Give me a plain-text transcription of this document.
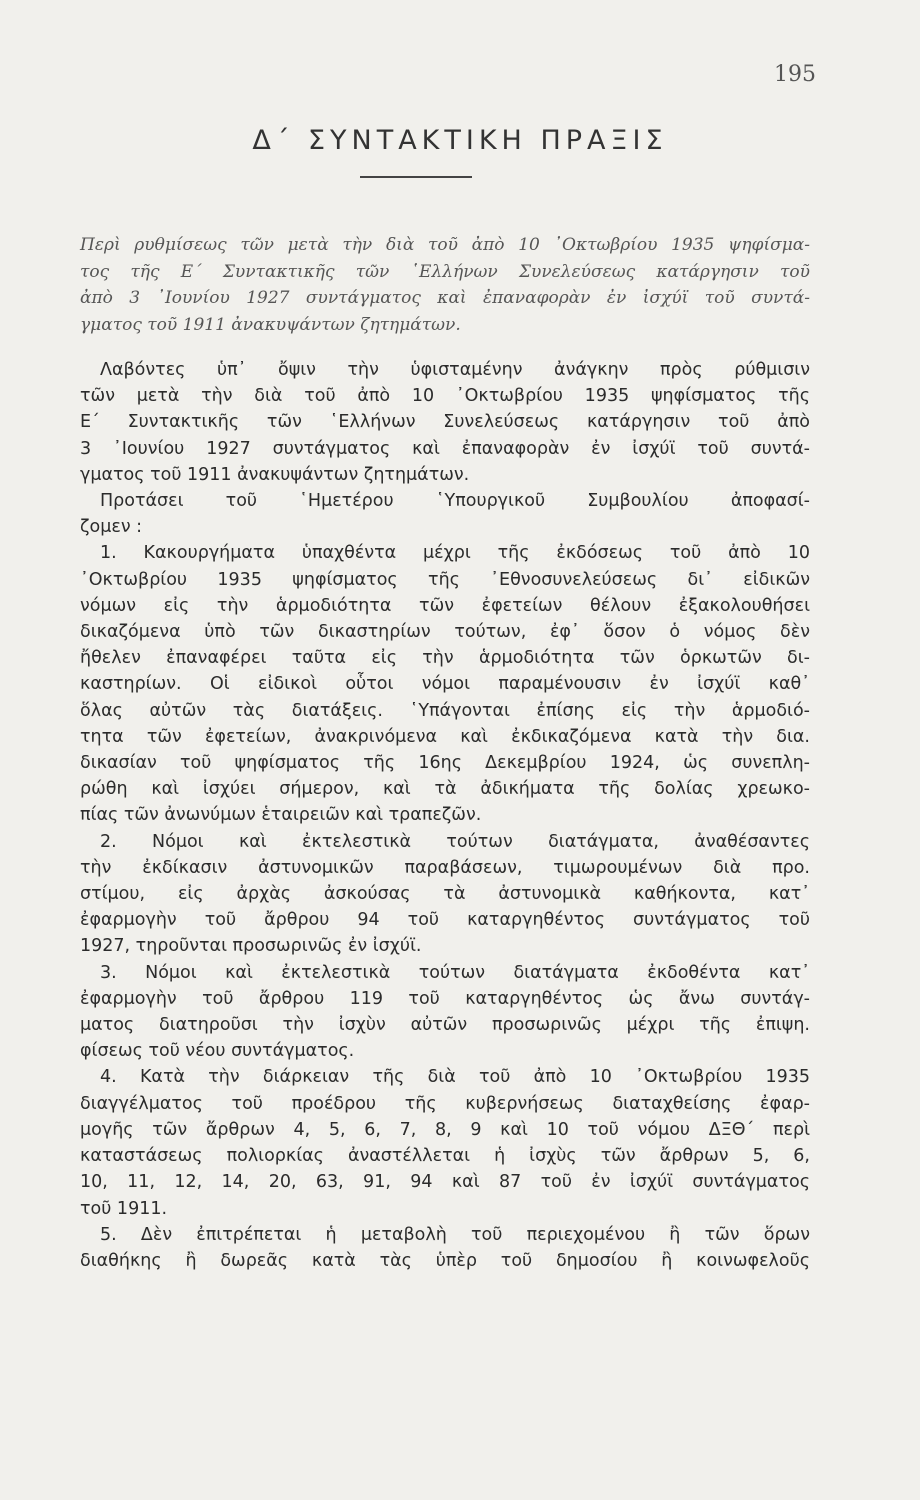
195
Δ΄ ΣΥΝΤΑΚΤΙΚΗ ΠΡΑΞΙΣ
Περὶ ρυθμίσεως τῶν μετὰ τὴν διὰ τοῦ ἀπὸ 10 ᾽Οκτωβρίου 1935 ψηφίσμα-
τος τῆς Ε΄ Συντακτικῆς τῶν ῾Ελλήνων Συνελεύσεως κατάργησιν τοῦ
ἀπὸ 3 ᾽Ιουνίου 1927 συντάγματος καὶ ἐπαναφορὰν ἐν ἰσχύϊ τοῦ συντά-
γματος τοῦ 1911 ἀνακυψάντων ζητημάτων.
Λαβόντες ὑπ᾽ ὄψιν τὴν ὑφισταμένην ἀνάγκην πρὸς ρύθμισιν
τῶν μετὰ τὴν διὰ τοῦ ἀπὸ 10 ᾽Οκτωβρίου 1935 ψηφίσματος τῆς
Ε΄ Συντακτικῆς τῶν ῾Ελλήνων Συνελεύσεως κατάργησιν τοῦ ἀπὸ
3 ᾽Ιουνίου 1927 συντάγματος καὶ ἐπαναφορὰν ἐν ἰσχύϊ τοῦ συντά-
γματος τοῦ 1911 ἀνακυψάντων ζητημάτων.
Προτάσει τοῦ ῾Ημετέρου ῾Υπουργικοῦ Συμβουλίου ἀποφασί-
ζομεν :
1. Κακουργήματα ὑπαχθέντα μέχρι τῆς ἐκδόσεως τοῦ ἀπὸ 10
᾽Οκτωβρίου 1935 ψηφίσματος τῆς ᾽Εθνοσυνελεύσεως δι᾽ εἰδικῶν
νόμων εἰς τὴν ἁρμοδιότητα τῶν ἐφετείων θέλουν ἐξακολουθήσει
δικαζόμενα ὑπὸ τῶν δικαστηρίων τούτων, ἐφ᾽ ὅσον ὁ νόμος δὲν
ἤθελεν ἐπαναφέρει ταῦτα εἰς τὴν ἁρμοδιότητα τῶν ὁρκωτῶν δι-
καστηρίων. Οἱ εἰδικοὶ οὗτοι νόμοι παραμένουσιν ἐν ἰσχύϊ καθ᾽
ὅλας αὐτῶν τὰς διατάξεις. ῾Υπάγονται ἐπίσης εἰς τὴν ἁρμοδιό-
τητα τῶν ἐφετείων, ἀνακρινόμενα καὶ ἐκδικαζόμενα κατὰ τὴν δια.
δικασίαν τοῦ ψηφίσματος τῆς 16ης Δεκεμβρίου 1924, ὡς συνεπλη-
ρώθη καὶ ἰσχύει σήμερον, καὶ τὰ ἀδικήματα τῆς δολίας χρεωκο-
πίας τῶν ἀνωνύμων ἑταιρειῶν καὶ τραπεζῶν.
2. Νόμοι καὶ ἐκτελεστικὰ τούτων διατάγματα, ἀναθέσαντες
τὴν ἐκδίκασιν ἀστυνομικῶν παραβάσεων, τιμωρουμένων διὰ προ.
στίμου, εἰς ἀρχὰς ἀσκούσας τὰ ἀστυνομικὰ καθήκοντα, κατ᾽
ἐφαρμογὴν τοῦ ἄρθρου 94 τοῦ καταργηθέντος συντάγματος τοῦ
1927, τηροῦνται προσωρινῶς ἐν ἰσχύϊ.
3. Νόμοι καὶ ἐκτελεστικὰ τούτων διατάγματα ἐκδοθέντα κατ᾽
ἐφαρμογὴν τοῦ ἄρθρου 119 τοῦ καταργηθέντος ὡς ἄνω συντάγ-
ματος διατηροῦσι τὴν ἰσχὺν αὐτῶν προσωρινῶς μέχρι τῆς ἐπιψη.
φίσεως τοῦ νέου συντάγματος.
4. Κατὰ τὴν διάρκειαν τῆς διὰ τοῦ ἀπὸ 10 ᾽Οκτωβρίου 1935
διαγγέλματος τοῦ προέδρου τῆς κυβερνήσεως διαταχθείσης ἐφαρ-
μογῆς τῶν ἄρθρων 4, 5, 6, 7, 8, 9 καὶ 10 τοῦ νόμου ΔΞΘ΄ περὶ
καταστάσεως πολιορκίας ἀναστέλλεται ἡ ἰσχὺς τῶν ἄρθρων 5, 6,
10, 11, 12, 14, 20, 63, 91, 94 καὶ 87 τοῦ ἐν ἰσχύϊ συντάγματος
τοῦ 1911.
5. Δὲν ἐπιτρέπεται ἡ μεταβολὴ τοῦ περιεχομένου ἢ τῶν ὅρων
διαθήκης ἢ δωρεᾶς κατὰ τὰς ὑπὲρ τοῦ δημοσίου ἢ κοινωφελοῦς
